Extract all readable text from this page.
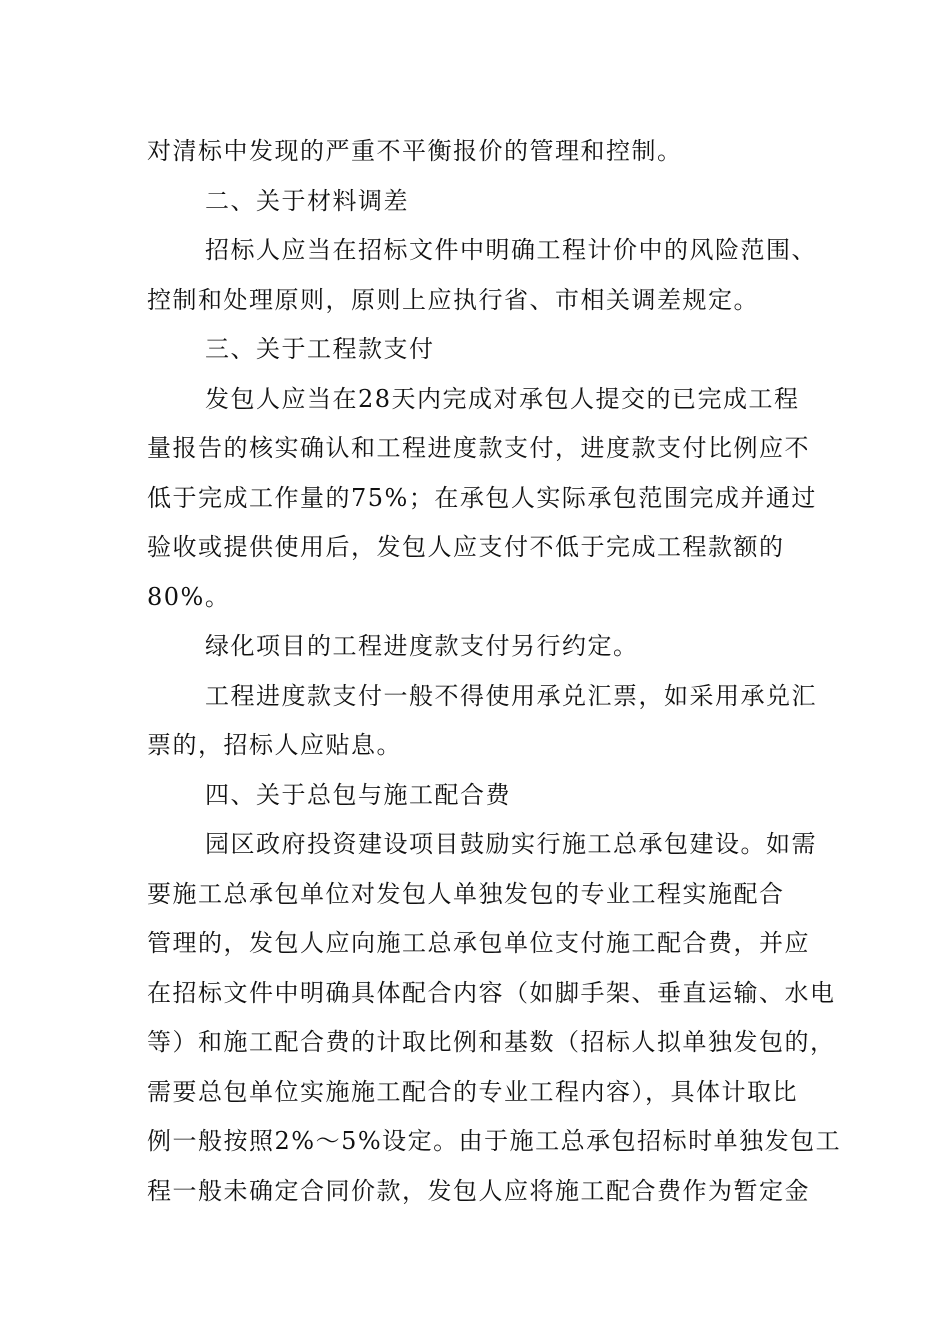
对清标中发现的严重不平衡报价的管理和控制。
二、关于材料调差
招标人应当在招标文件中明确工程计价中的风险范围、
控制和处理原则，原则上应执行省、市相关调差规定。
三、关于工程款支付
发包人应当在28天内完成对承包人提交的已完成工程
量报告的核实确认和工程进度款支付，进度款支付比例应不
低于完成工作量的75%；在承包人实际承包范围完成并通过
验收或提供使用后，发包人应支付不低于完成工程款额的
80%。
绿化项目的工程进度款支付另行约定。
工程进度款支付一般不得使用承兑汇票，如采用承兑汇
票的，招标人应贴息。
四、关于总包与施工配合费
园区政府投资建设项目鼓励实行施工总承包建设。如需
要施工总承包单位对发包人单独发包的专业工程实施配合
管理的，发包人应向施工总承包单位支付施工配合费，并应
在招标文件中明确具体配合内容（如脚手架、垂直运输、水电
等）和施工配合费的计取比例和基数（招标人拟单独发包的，
需要总包单位实施施工配合的专业工程内容），具体计取比
例一般按照2%～5%设定。由于施工总承包招标时单独发包工
程一般未确定合同价款，发包人应将施工配合费作为暂定金
